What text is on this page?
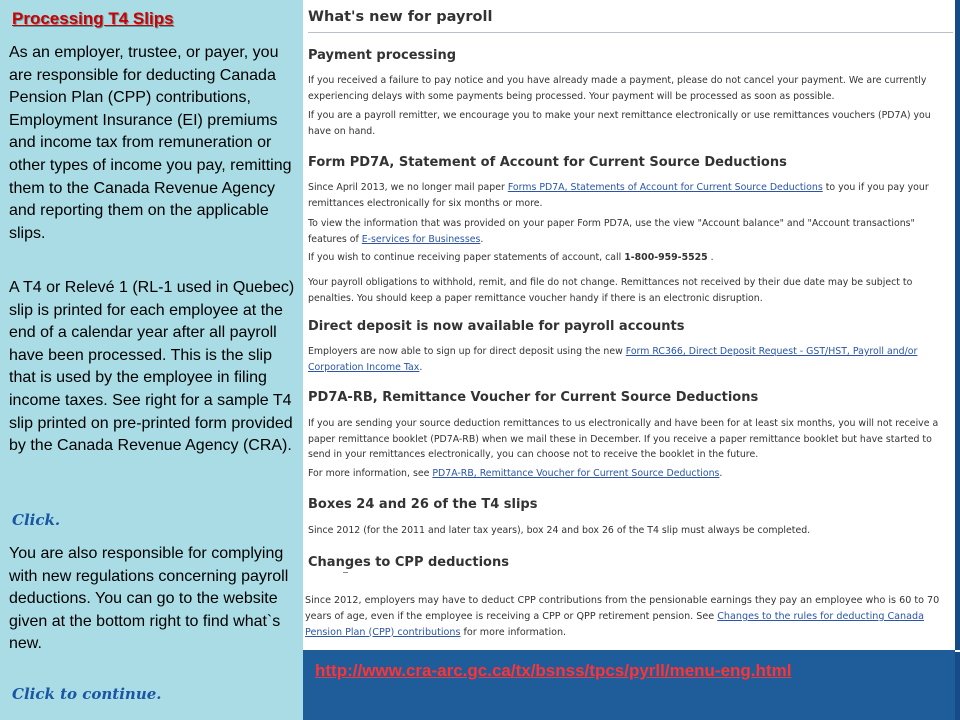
Processing T4 Slips

As an employer, trustee, or payer, you are responsible for deducting Canada Pension Plan (CPP) contributions, Employment Insurance (EI) premiums and income tax from remuneration or other types of income you pay, remitting them to the Canada Revenue Agency and reporting them on the applicable slips.

A T4 or Relevé 1 (RL-1 used in Quebec) slip is printed for each employee at the end of a calendar year after all payroll have been processed. This is the slip that is used by the employee in filing income taxes. See right for a sample T4 slip printed on pre-printed form provided by the Canada Revenue Agency (CRA).

Click.

You are also responsible for complying with new regulations concerning payroll deductions. You can go to the website given at the bottom right to find what`s new.

Click to continue.
What's new for payroll
Payment processing

If you received a failure to pay notice and you have already made a payment, please do not cancel your payment. We are currently experiencing delays with some payments being processed. Your payment will be processed as soon as possible.

If you are a payroll remitter, we encourage you to make your next remittance electronically or use remittances vouchers (PD7A) you have on hand.

Form PD7A, Statement of Account for Current Source Deductions

Since April 2013, we no longer mail paper Forms PD7A, Statements of Account for Current Source Deductions to you if you pay your remittances electronically for six months or more.

To view the information that was provided on your paper Form PD7A, use the view "Account balance" and "Account transactions" features of E-services for Businesses.

If you wish to continue receiving paper statements of account, call 1-800-959-5525 .

Your payroll obligations to withhold, remit, and file do not change. Remittances not received by their due date may be subject to penalties. You should keep a paper remittance voucher handy if there is an electronic disruption.

Direct deposit is now available for payroll accounts

Employers are now able to sign up for direct deposit using the new Form RC366, Direct Deposit Request - GST/HST, Payroll and/or Corporation Income Tax.

PD7A-RB, Remittance Voucher for Current Source Deductions

If you are sending your source deduction remittances to us electronically and have been for at least six months, you will not receive a paper remittance booklet (PD7A-RB) when we mail these in December. If you receive a paper remittance booklet but have started to send in your remittances electronically, you can choose not to receive the booklet in the future.

For more information, see PD7A-RB, Remittance Voucher for Current Source Deductions.

Boxes 24 and 26 of the T4 slips

Since 2012 (for the 2011 and later tax years), box 24 and box 26 of the T4 slip must always be completed.

Changes to CPP deductions

Since 2012, employers may have to deduct CPP contributions from the pensionable earnings they pay an employee who is 60 to 70 years of age, even if the employee is receiving a CPP or QPP retirement pension. See Changes to the rules for deducting Canada Pension Plan (CPP) contributions for more information.

http://www.cra-arc.gc.ca/tx/bsnss/tpcs/pyrll/menu-eng.html
